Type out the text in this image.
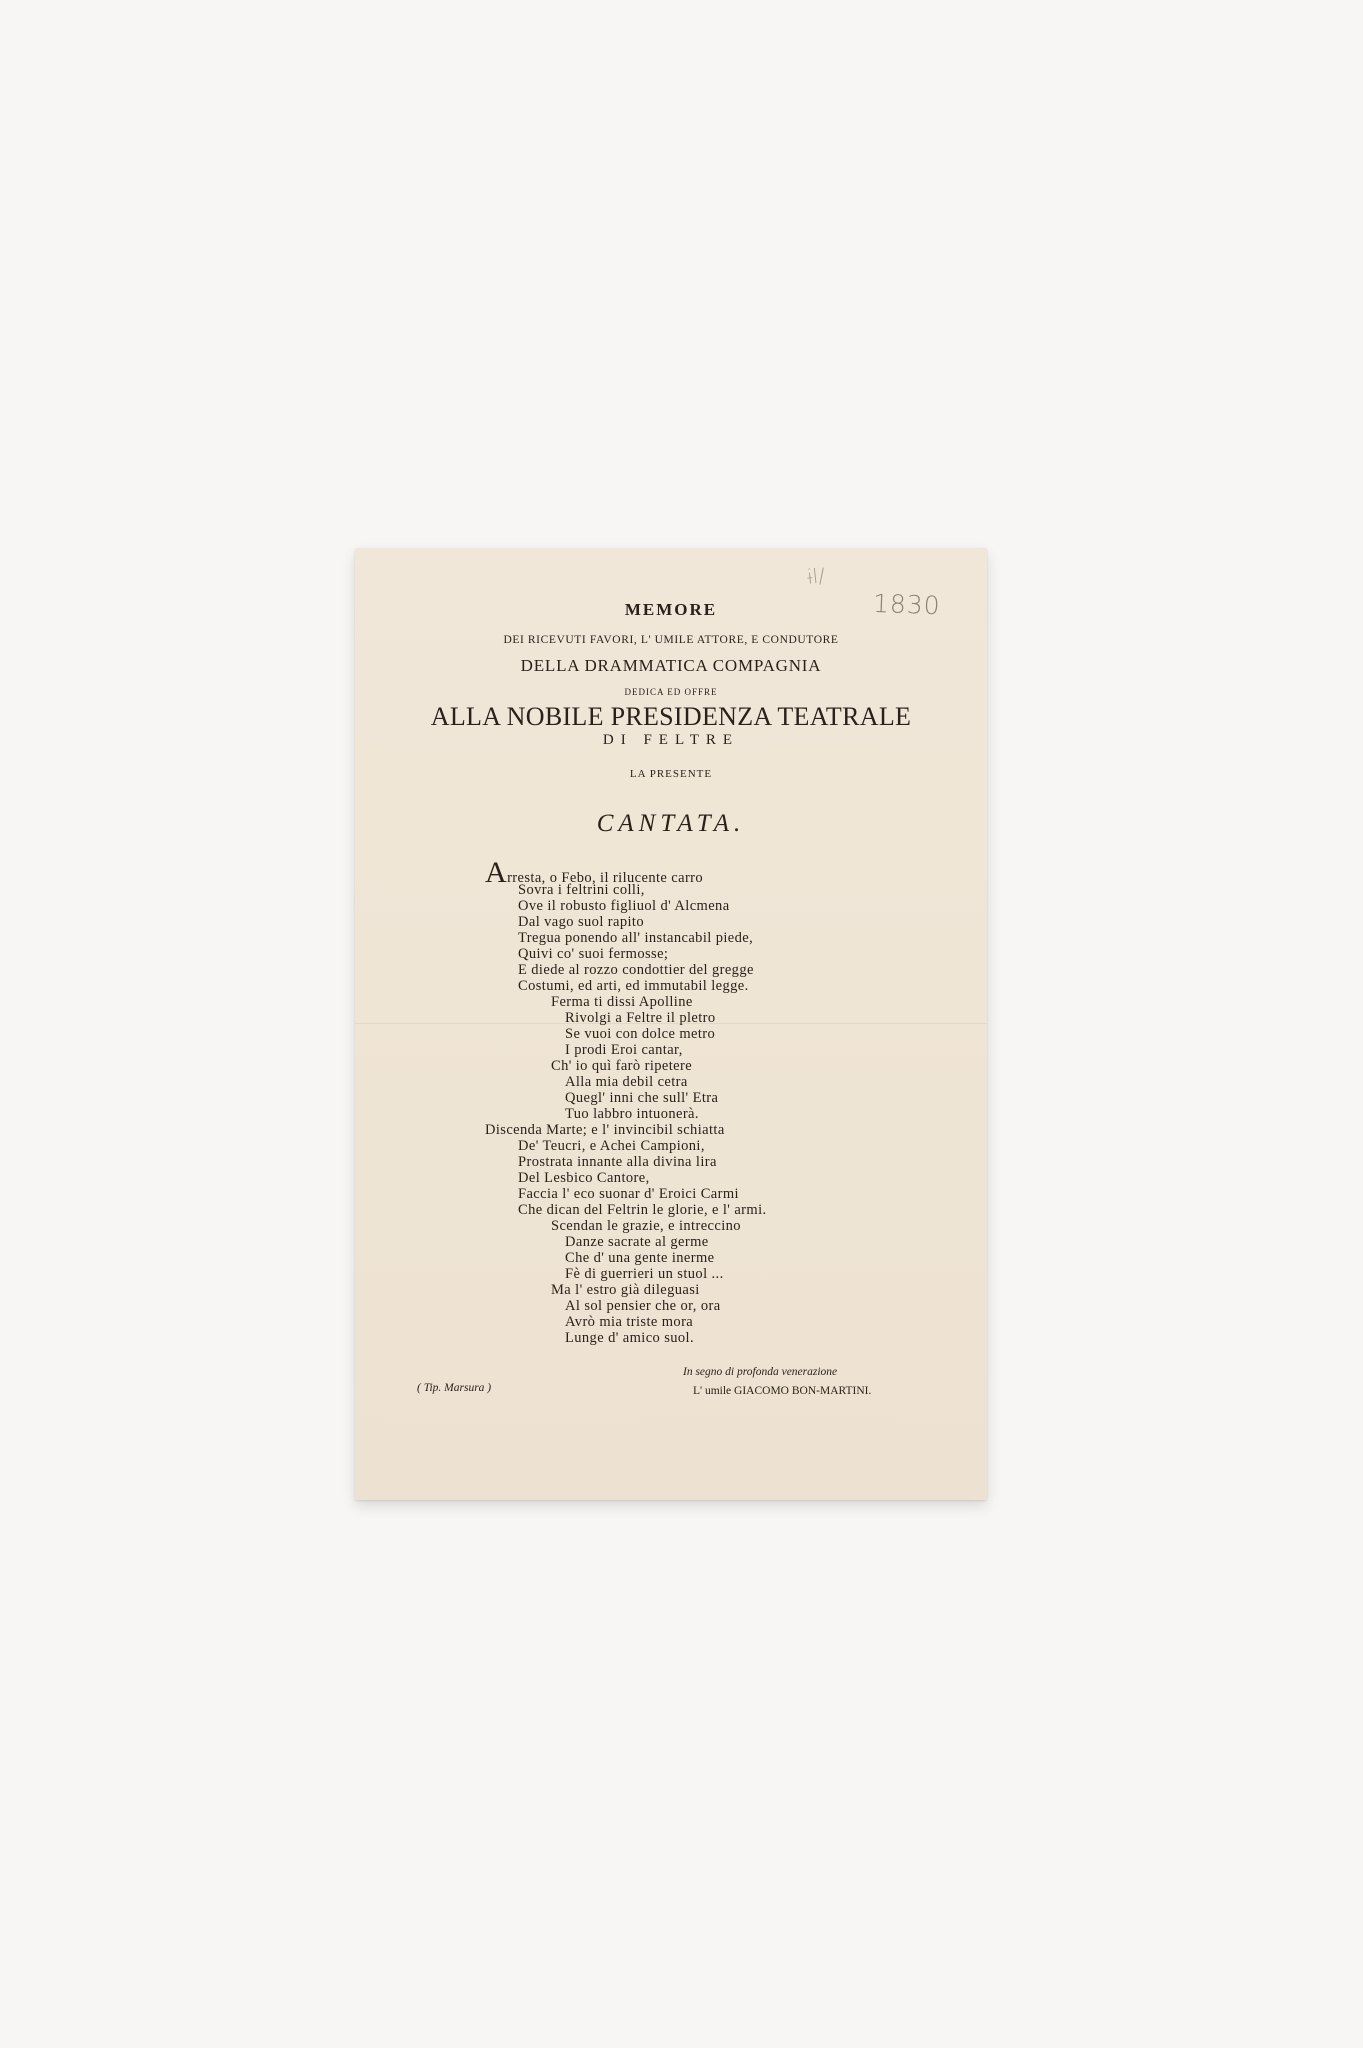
ɨl/
1830
MEMORE
DEI RICEVUTI FAVORI, L' UMILE ATTORE, E CONDUTORE
DELLA DRAMMATICA COMPAGNIA
DEDICA ED OFFRE
ALLA NOBILE PRESIDENZA TEATRALE
DI FELTRE
LA PRESENTE
CANTATA.
Arresta, o Febo, il rilucente carro
Sovra i feltrini colli,
Ove il robusto figliuol d' Alcmena
Dal vago suol rapito
Tregua ponendo all' instancabil piede,
Quivi co' suoi fermosse;
E diede al rozzo condottier del gregge
Costumi, ed arti, ed immutabil legge.
Ferma ti dissi Apolline
Rivolgi a Feltre il pletro
Se vuoi con dolce metro
I prodi Eroi cantar,
Ch' io quì farò ripetere
Alla mia debil cetra
Quegl' inni che sull' Etra
Tuo labbro intuonerà.
Discenda Marte; e l' invincibil schiatta
De' Teucri, e Achei Campioni,
Prostrata innante alla divina lira
Del Lesbico Cantore,
Faccia l' eco suonar d' Eroici Carmi
Che dican del Feltrin le glorie, e l' armi.
Scendan le grazie, e intreccino
Danze sacrate al germe
Che d' una gente inerme
Fè di guerrieri un stuol ...
Ma l' estro già dileguasi
Al sol pensier che or, ora
Avrò mia triste mora
Lunge d' amico suol.
( Tip. Marsura )
In segno di profonda venerazione
L' umile GIACOMO BON-MARTINI.
